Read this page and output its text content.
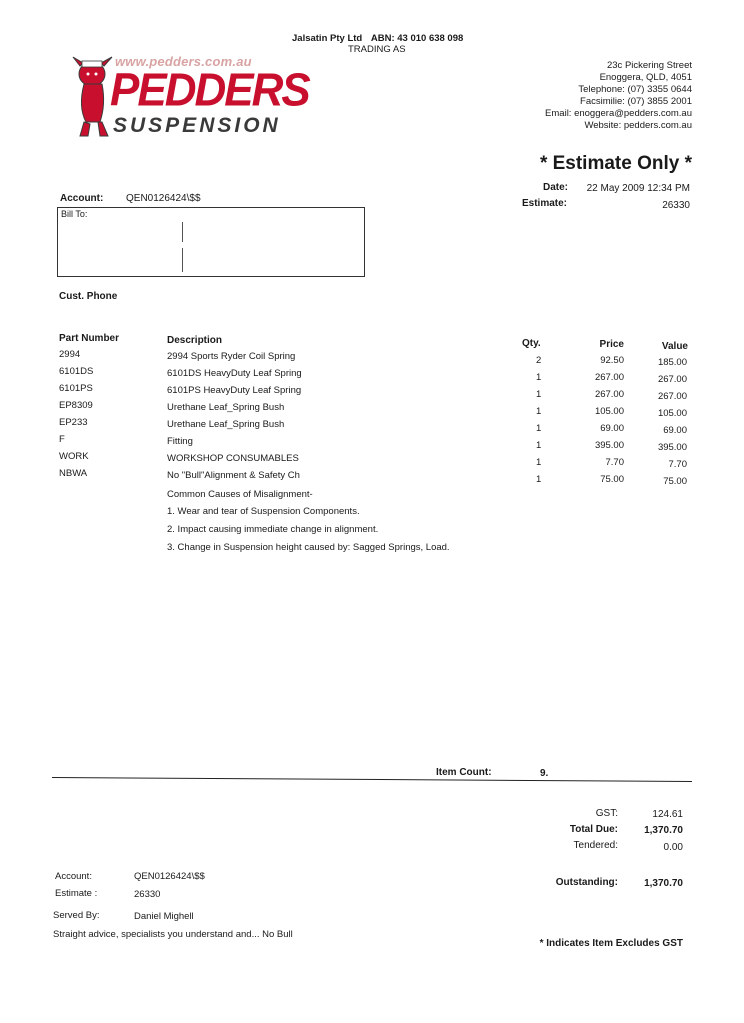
Jalsatin Pty Ltd ABN: 43 010 638 098
TRADING AS
www.pedders.com.au
PEDDERS
SUSPENSION
23c Pickering Street
Enoggera, QLD, 4051
Telephone: (07) 3355 0644
Facsimilie: (07) 3855 2001
Email: enoggera@pedders.com.au
Website: pedders.com.au
* Estimate Only *
Date: 22 May 2009 12:34 PM
Estimate:	26330
Account: QEN0126424\$$
Bill To:
Cust. Phone
Part Number	Description	Qty.	Price	Value
2994	2994 Sports Ryder Coil Spring	2	92.50	185.00
6101DS	6101DS HeavyDuty Leaf Spring	1	267.00	267.00
6101PS	6101PS HeavyDuty Leaf Spring	1	267.00	267.00
EP8309	Urethane Leaf_Spring Bush	1	105.00	105.00
EP233	Urethane Leaf_Spring Bush	1	69.00	69.00
F	Fitting	1	395.00	395.00
WORK	WORKSHOP CONSUMABLES	1	7.70	7.70
NBWA	No "Bull"Alignment & Safety Ch	1	75.00	75.00
Common Causes of Misalignment-
1. Wear and tear of Suspension Components.
2. Impact causing immediate change in alignment.
3. Change in Suspension height caused by: Sagged Springs, Load.
Item Count:	9.
GST:	124.61
Total Due:	1,370.70
Tendered:	0.00
Outstanding:	1,370.70
Account:	QEN0126424\$$
Estimate :	26330
Served By:	Daniel Mighell
Straight advice, specialists you understand and... No Bull
* Indicates Item Excludes GST
